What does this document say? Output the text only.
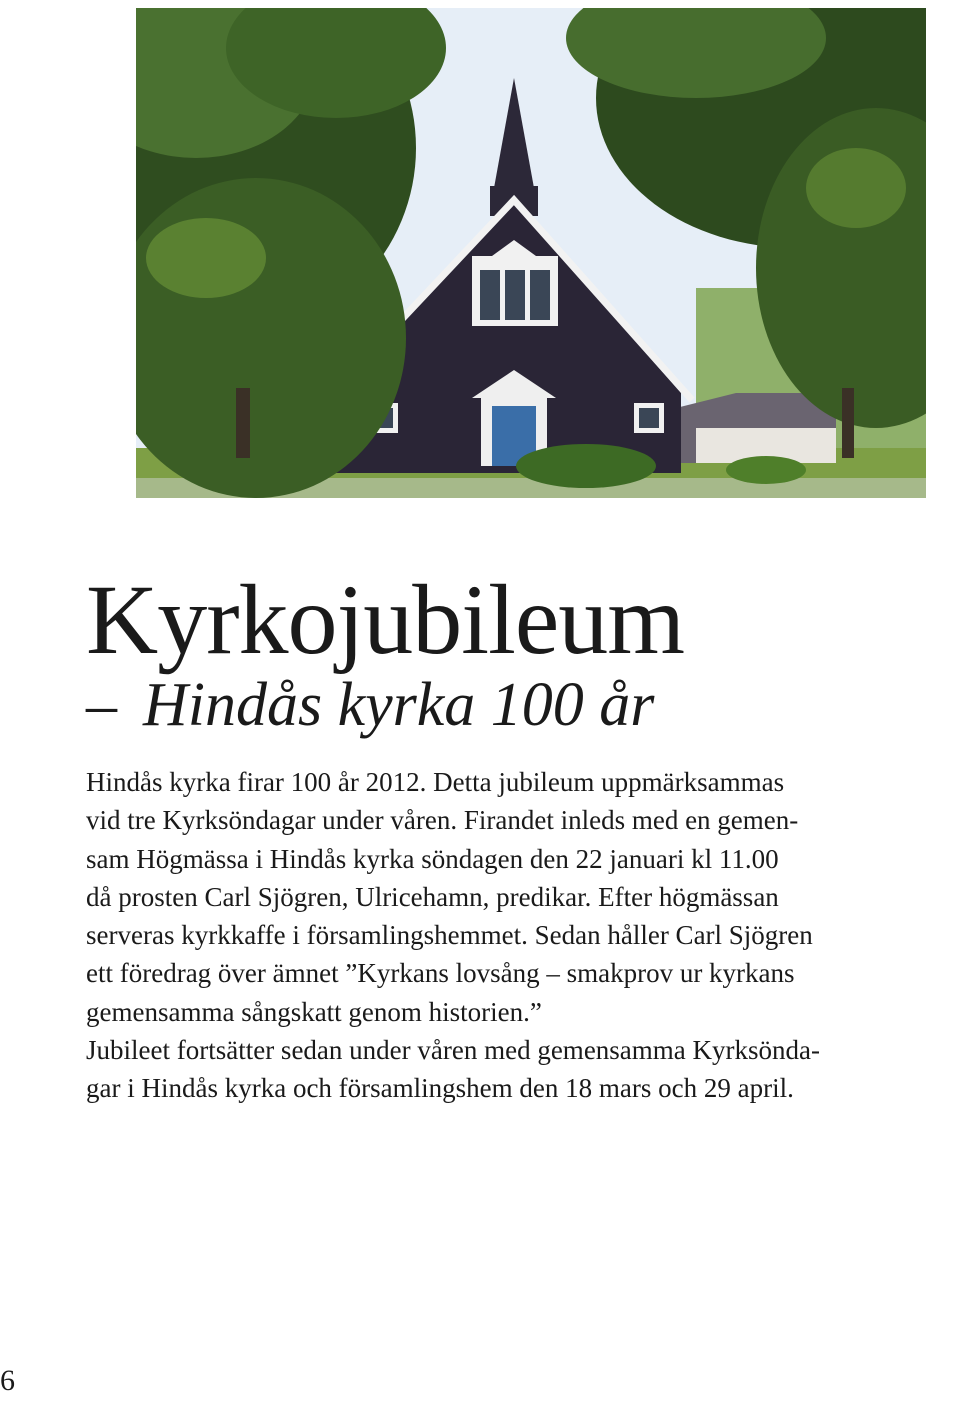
Kyrkojubileum
– Hindås kyrka 100 år
Hindås kyrka firar 100 år 2012. Detta jubileum uppmärksammas
vid tre Kyrksöndagar under våren. Firandet inleds med en gemen-
sam Högmässa i Hindås kyrka söndagen den 22 januari kl 11.00
då prosten Carl Sjögren, Ulricehamn, predikar. Efter högmässan
serveras kyrkkaffe i församlingshemmet. Sedan håller Carl Sjögren
ett föredrag över ämnet ”Kyrkans lovsång – smakprov ur kyrkans
gemensamma sångskatt genom historien.”
Jubileet fortsätter sedan under våren med gemensamma Kyrksönda-
gar i Hindås kyrka och församlingshem den 18 mars och 29 april.
6
